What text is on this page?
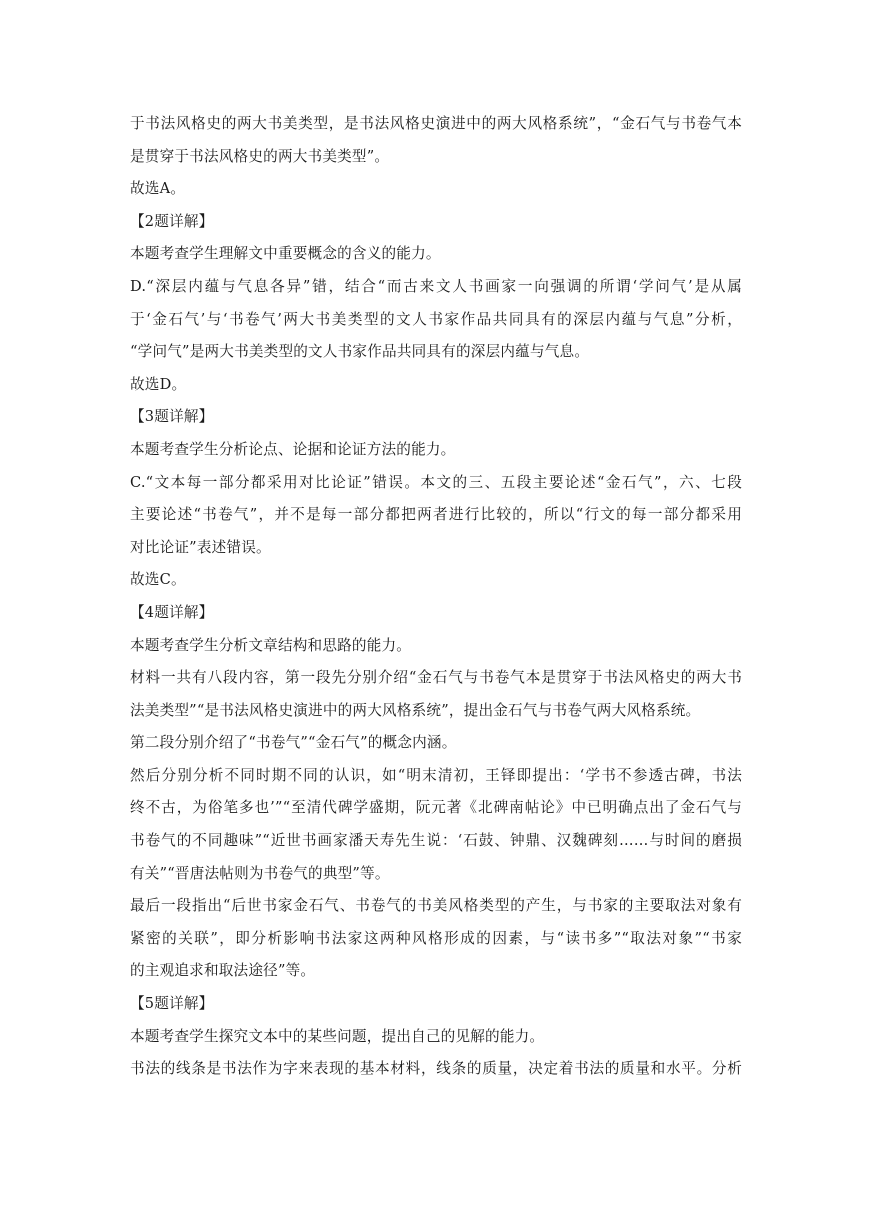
于书法风格史的两大书美类型，是书法风格史演进中的两大风格系统”，“金石气与书卷气本
是贯穿于书法风格史的两大书美类型”。
故选A。
【2题详解】
本题考查学生理解文中重要概念的含义的能力。
D.“深层内蕴与气息各异”错，结合“而古来文人书画家一向强调的所谓‘学问气’是从属
于‘金石气’与‘书卷气’两大书美类型的文人书家作品共同具有的深层内蕴与气息”分析，
“学问气”是两大书美类型的文人书家作品共同具有的深层内蕴与气息。
故选D。
【3题详解】
本题考查学生分析论点、论据和论证方法的能力。
C.“文本每一部分都采用对比论证”错误。本文的三、五段主要论述“金石气”，六、七段
主要论述“书卷气”，并不是每一部分都把两者进行比较的，所以“行文的每一部分都采用
对比论证”表述错误。
故选C。
【4题详解】
本题考查学生分析文章结构和思路的能力。
材料一共有八段内容，第一段先分别介绍“金石气与书卷气本是贯穿于书法风格史的两大书
法美类型”“是书法风格史演进中的两大风格系统”，提出金石气与书卷气两大风格系统。
第二段分别介绍了“书卷气”“金石气”的概念内涵。
然后分别分析不同时期不同的认识，如“明末清初，王铎即提出：‘学书不参透古碑，书法
终不古，为俗笔多也’”“至清代碑学盛期，阮元著《北碑南帖论》中已明确点出了金石气与
书卷气的不同趣味”“近世书画家潘天寿先生说：‘石鼓、钟鼎、汉魏碑刻……与时间的磨损
有关”“晋唐法帖则为书卷气的典型”等。
最后一段指出“后世书家金石气、书卷气的书美风格类型的产生，与书家的主要取法对象有
紧密的关联”，即分析影响书法家这两种风格形成的因素，与“读书多”“取法对象”“书家
的主观追求和取法途径”等。
【5题详解】
本题考查学生探究文本中的某些问题，提出自己的见解的能力。
书法的线条是书法作为字来表现的基本材料，线条的质量，决定着书法的质量和水平。分析
